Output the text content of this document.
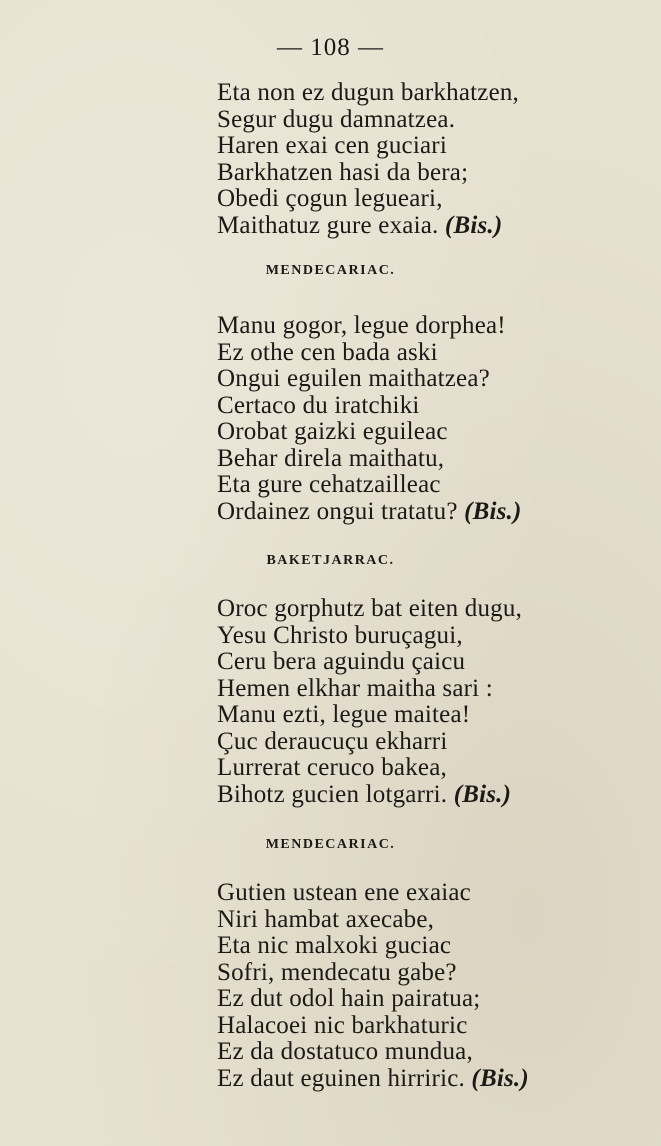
— 108 —
Eta non ez dugun barkhatzen,
Segur dugu damnatzea.
Haren exai cen guciari
Barkhatzen hasi da bera;
Obedi çogun legueari,
Maithatuz gure exaia. (Bis.)
MENDECARIAC.
Manu gogor, legue dorphea!
Ez othe cen bada aski
Ongui eguilen maithatzea?
Certaco du iratchiki
Orobat gaizki eguileac
Behar direla maithatu,
Eta gure cehatzailleac
Ordainez ongui tratatu? (Bis.)
BAKETJARRAC.
Oroc gorphutz bat eiten dugu,
Yesu Christo buruçagui,
Ceru bera aguindu çaicu
Hemen elkhar maitha sari :
Manu ezti, legue maitea!
Çuc deraucuçu ekharri
Lurrerat ceruco bakea,
Bihotz gucien lotgarri. (Bis.)
MENDECARIAC.
Gutien ustean ene exaiac
Niri hambat axecabe,
Eta nic malxoki guciac
Sofri, mendecatu gabe?
Ez dut odol hain pairatua;
Halacoei nic barkhaturic
Ez da dostatuco mundua,
Ez daut eguinen hirriric. (Bis.)
